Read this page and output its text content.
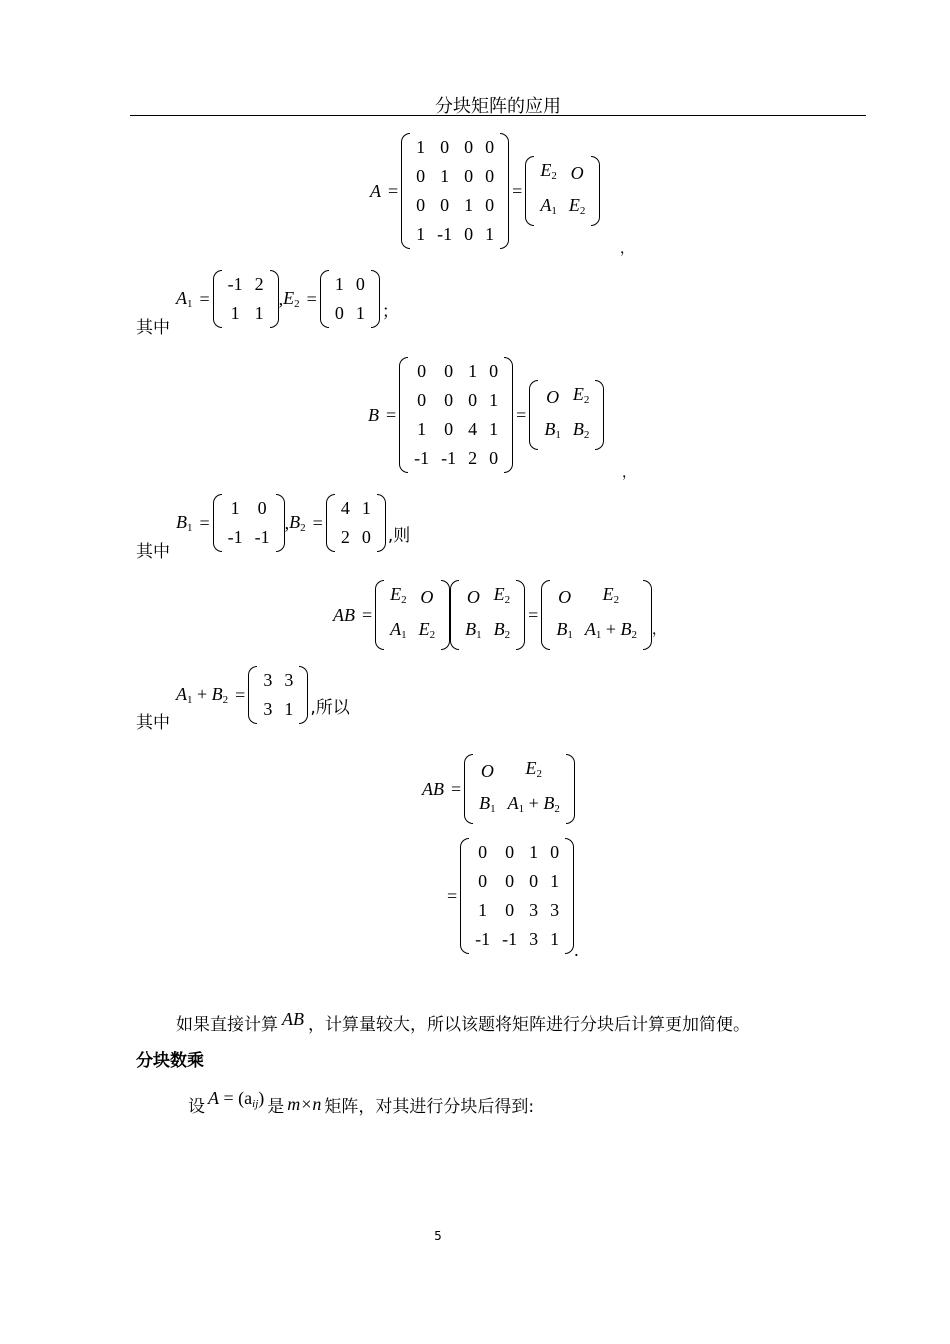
分块矩阵的应用
A =
1	0	0	0
0	1	0	0
0	0	1	0
1	-1	0	1
=
$E_2$	O
$A_1$	$E_2$
，
其中
$A_1$ =
-1	2
1	1
, $E_2$ =
1	0
0	1 ；
B =
0	0	1	0
0	0	0	1
1	0	4	1
-1	-1	2	0
=
O	$E_2$
$B_1$	$B_2$
，
其中
$B_1$ =
1	0
-1	-1
, $B_2$ =
4	1
2	0 ,则
AB =
$E_2$	O
$A_1$	$E_2$
O	$E_2$
$B_1$	$B_2$
=
O	$E_2$
$B_1$	$A_1 + B_2$ ，
其中
$A_1 + B_2$ =
3	3
3	1 ,所以
AB =
O	$E_2$
$B_1$	$A_1 + B_2$
=
0	0	1	0
0	0	0	1
1	0	3	3
-1	-1	3	1
.
如果直接计算 AB ，计算量较大，所以该题将矩阵进行分块后计算更加简便。
分块数乘
设 $A = (a_{ij})$ 是 m×n 矩阵，对其进行分块后得到:
5
